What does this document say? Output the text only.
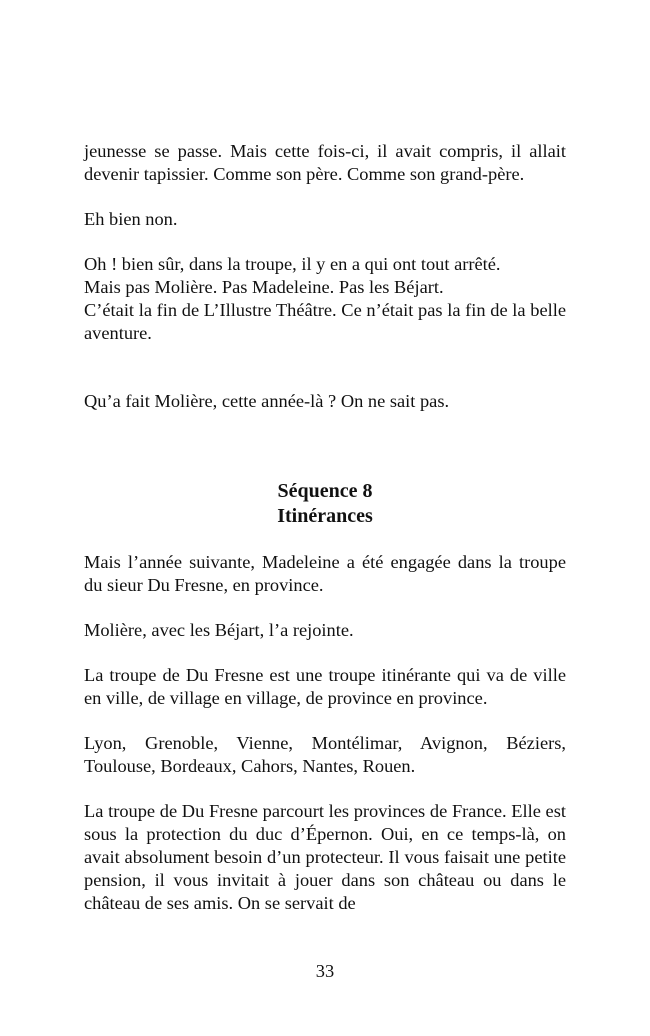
jeunesse se passe. Mais cette fois-ci, il avait compris, il allait devenir tapissier. Comme son père. Comme son grand-père.

Eh bien non.

Oh ! bien sûr, dans la troupe, il y en a qui ont tout arrêté.

Mais pas Molière. Pas Madeleine. Pas les Béjart.

C’était la fin de L’Illustre Théâtre. Ce n’était pas la fin de la belle aventure.

Qu’a fait Molière, cette année-là ? On ne sait pas.

Séquence 8
Itinérances

Mais l’année suivante, Madeleine a été engagée dans la troupe du sieur Du Fresne, en province.

Molière, avec les Béjart, l’a rejointe.

La troupe de Du Fresne est une troupe itinérante qui va de ville en ville, de village en village, de province en province.

Lyon, Grenoble, Vienne, Montélimar, Avignon, Béziers, Toulouse, Bordeaux, Cahors, Nantes, Rouen.

La troupe de Du Fresne parcourt les provinces de France. Elle est sous la protection du duc d’Épernon. Oui, en ce temps-là, on avait absolument besoin d’un protecteur. Il vous faisait une petite pension, il vous invitait à jouer dans son château ou dans le château de ses amis. On se servait de

33
